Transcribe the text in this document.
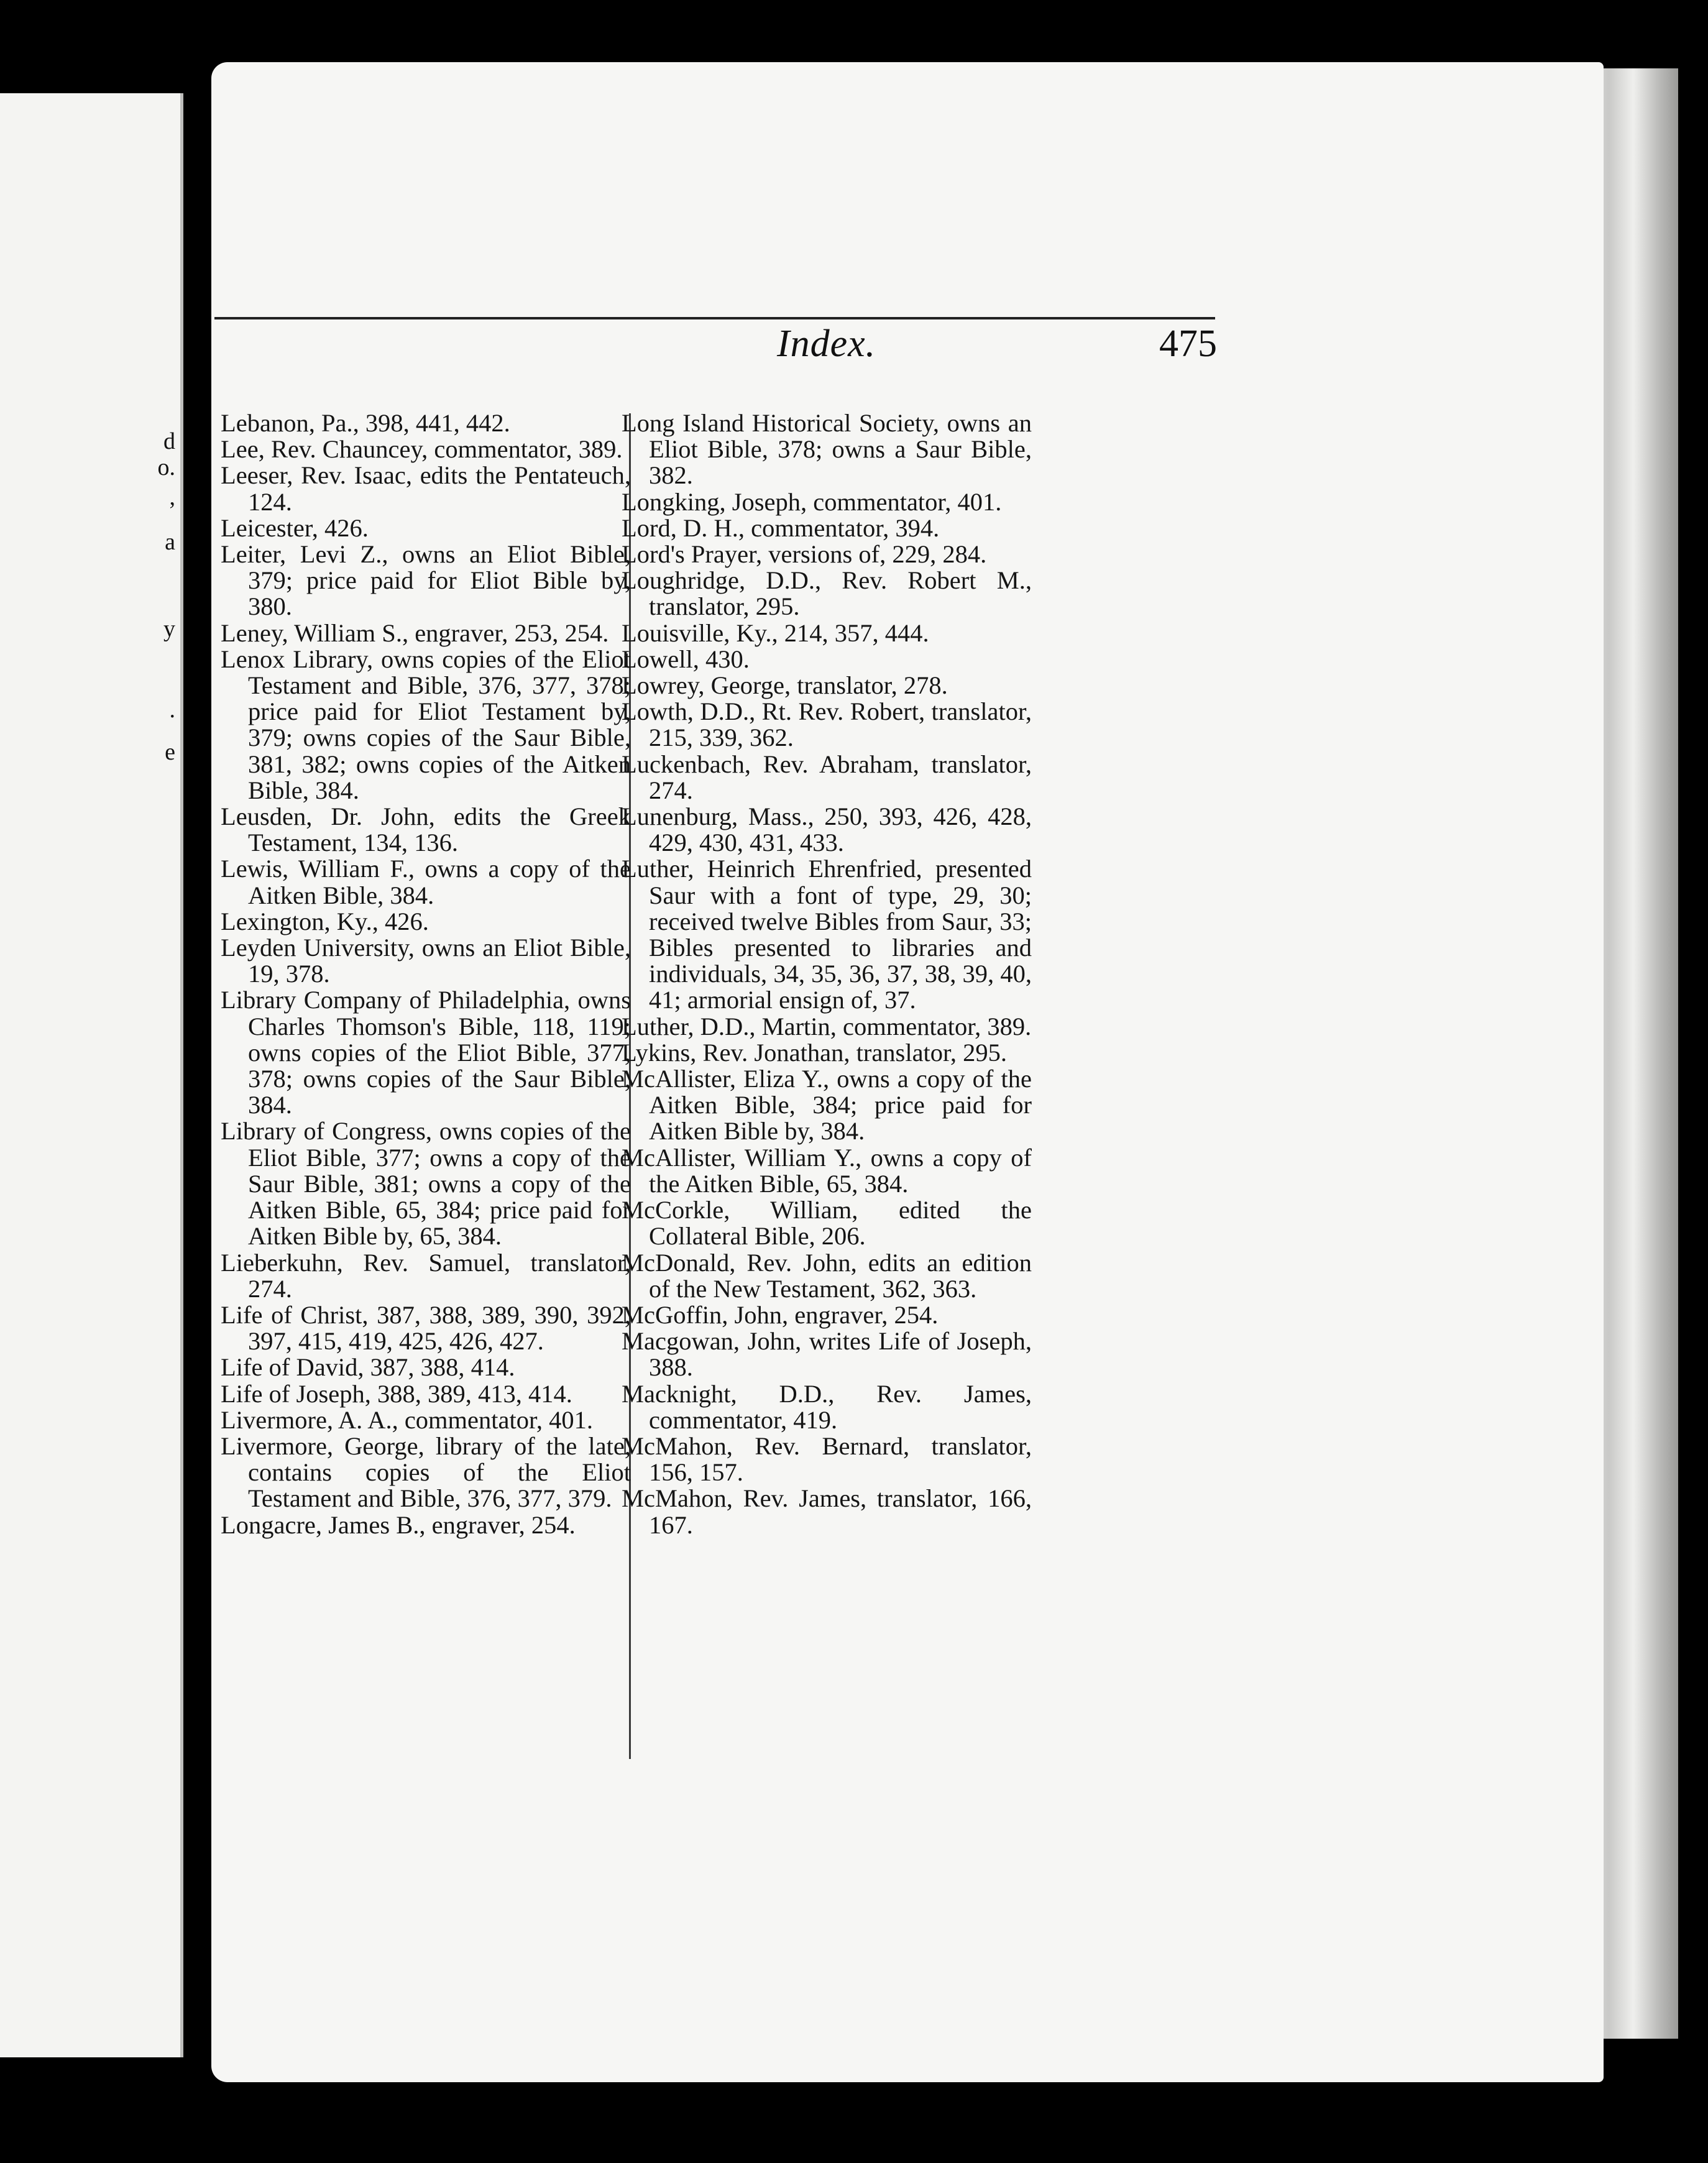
d
o.
,
a
y
.
e
Index.	475
Lebanon, Pa., 398, 441, 442.
Lee, Rev. Chauncey, commentator, 389.
Leeser, Rev. Isaac, edits the Pentateuch, 124.
Leicester, 426.
Leiter, Levi Z., owns an Eliot Bible, 379; price paid for Eliot Bible by, 380.
Leney, William S., engraver, 253, 254.
Lenox Library, owns copies of the Eliot Testament and Bible, 376, 377, 378; price paid for Eliot Testament by, 379; owns copies of the Saur Bible, 381, 382; owns copies of the Aitken Bible, 384.
Leusden, Dr. John, edits the Greek Testament, 134, 136.
Lewis, William F., owns a copy of the Aitken Bible, 384.
Lexington, Ky., 426.
Leyden University, owns an Eliot Bible, 19, 378.
Library Company of Philadelphia, owns Charles Thomson's Bible, 118, 119; owns copies of the Eliot Bible, 377, 378; owns copies of the Saur Bible, 384.
Library of Congress, owns copies of the Eliot Bible, 377; owns a copy of the Saur Bible, 381; owns a copy of the Aitken Bible, 65, 384; price paid for Aitken Bible by, 65, 384.
Lieberkuhn, Rev. Samuel, translator, 274.
Life of Christ, 387, 388, 389, 390, 392, 397, 415, 419, 425, 426, 427.
Life of David, 387, 388, 414.
Life of Joseph, 388, 389, 413, 414.
Livermore, A. A., commentator, 401.
Livermore, George, library of the late, contains copies of the Eliot Testament and Bible, 376, 377, 379.
Longacre, James B., engraver, 254.
Long Island Historical Society, owns an Eliot Bible, 378; owns a Saur Bible, 382.
Longking, Joseph, commentator, 401.
Lord, D. H., commentator, 394.
Lord's Prayer, versions of, 229, 284.
Loughridge, D.D., Rev. Robert M., translator, 295.
Louisville, Ky., 214, 357, 444.
Lowell, 430.
Lowrey, George, translator, 278.
Lowth, D.D., Rt. Rev. Robert, translator, 215, 339, 362.
Luckenbach, Rev. Abraham, translator, 274.
Lunenburg, Mass., 250, 393, 426, 428, 429, 430, 431, 433.
Luther, Heinrich Ehrenfried, presented Saur with a font of type, 29, 30; received twelve Bibles from Saur, 33; Bibles presented to libraries and individuals, 34, 35, 36, 37, 38, 39, 40, 41; armorial ensign of, 37.
Luther, D.D., Martin, commentator, 389.
Lykins, Rev. Jonathan, translator, 295.
McAllister, Eliza Y., owns a copy of the Aitken Bible, 384; price paid for Aitken Bible by, 384.
McAllister, William Y., owns a copy of the Aitken Bible, 65, 384.
McCorkle, William, edited the Collateral Bible, 206.
McDonald, Rev. John, edits an edition of the New Testament, 362, 363.
McGoffin, John, engraver, 254.
Macgowan, John, writes Life of Joseph, 388.
Macknight, D.D., Rev. James, commentator, 419.
McMahon, Rev. Bernard, translator, 156, 157.
McMahon, Rev. James, translator, 166, 167.
